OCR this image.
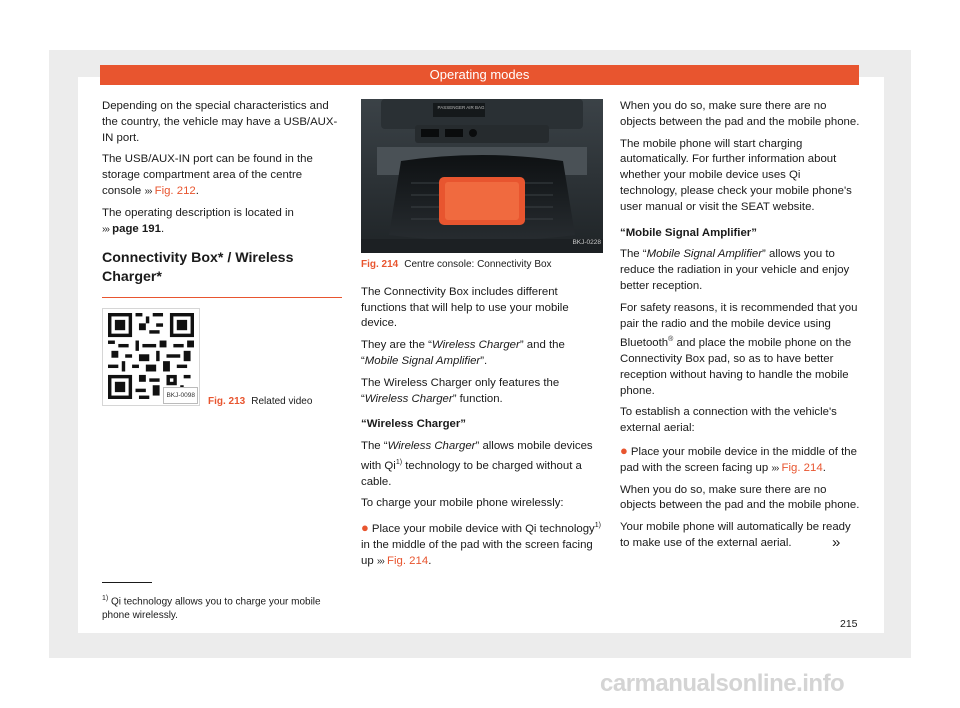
Operating modes

Depending on the special characteristics and the country, the vehicle may have a USB/AUX-IN port.

The USB/AUX-IN port can be found in the storage compartment area of the centre console ››› Fig. 212.

The operating description is located in
››› page 191.

Connectivity Box* / Wireless Charger*
BKJ-0098
Fig. 213 Related video
PASSENGER AIR BAG
BKJ-0228
Fig. 214 Centre console: Connectivity Box

The Connectivity Box includes different functions that will help to use your mobile device.

They are the “Wireless Charger” and the “Mobile Signal Amplifier”.

The Wireless Charger only features the “Wireless Charger” function.

“Wireless Charger”

The “Wireless Charger” allows mobile devices with Qi$^{1)}$ technology to be charged without a cable.

To charge your mobile phone wirelessly:

● Place your mobile device with Qi technology$^{1)}$ in the middle of the pad with the screen facing up ››› Fig. 214.

When you do so, make sure there are no objects between the pad and the mobile phone.

The mobile phone will start charging automatically. For further information about whether your mobile device uses Qi technology, please check your mobile phone's user manual or visit the SEAT website.

“Mobile Signal Amplifier”

The “Mobile Signal Amplifier” allows you to reduce the radiation in your vehicle and enjoy better reception.

For safety reasons, it is recommended that you pair the radio and the mobile device using Bluetooth® and place the mobile phone on the Connectivity Box pad, so as to have better reception without having to handle the mobile phone.

To establish a connection with the vehicle's external aerial:

● Place your mobile device in the middle of the pad with the screen facing up ››› Fig. 214.

When you do so, make sure there are no objects between the pad and the mobile phone.

Your mobile phone will automatically be ready to make use of the external aerial.	»
$^{1)}$ Qi technology allows you to charge your mobile phone wirelessly.
215
carmanualsonline.info
